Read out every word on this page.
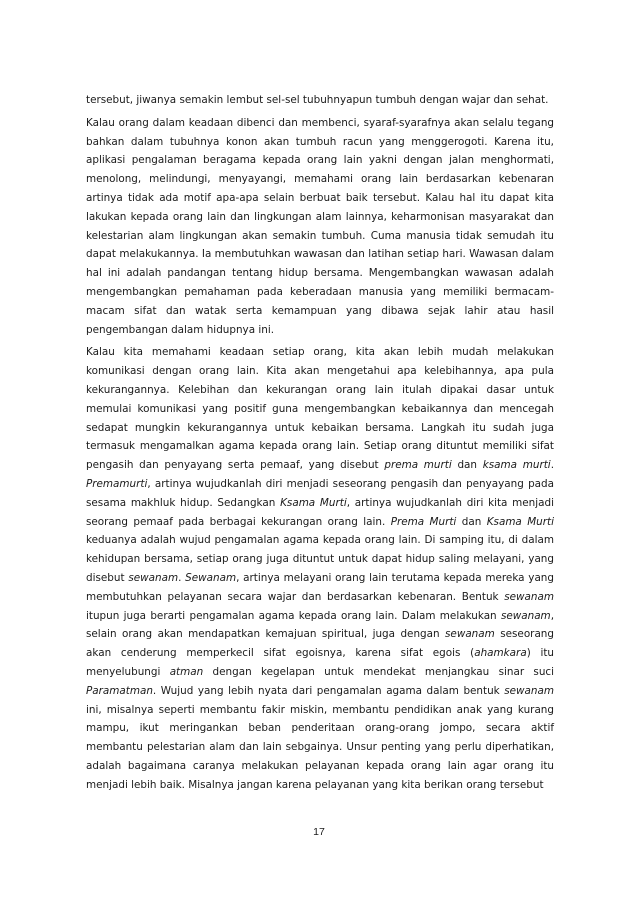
tersebut, jiwanya semakin lembut sel-sel tubuhnyapun tumbuh dengan wajar dan sehat.

Kalau orang dalam keadaan dibenci dan membenci, syaraf-syarafnya akan selalu tegang bahkan dalam tubuhnya konon akan tumbuh racun yang menggerogoti. Karena itu, aplikasi pengalaman beragama kepada orang lain yakni dengan jalan menghormati, menolong, melindungi, menyayangi, memahami orang lain berdasarkan kebenaran artinya tidak ada motif apa-apa selain berbuat baik tersebut. Kalau hal itu dapat kita lakukan kepada orang lain dan lingkungan alam lainnya, keharmonisan masyarakat dan kelestarian alam lingkungan akan semakin tumbuh. Cuma manusia tidak semudah itu dapat melakukannya. Ia membutuhkan wawasan dan latihan setiap hari. Wawasan dalam hal ini adalah pandangan tentang hidup bersama. Mengembangkan wawasan adalah mengembangkan pemahaman pada keberadaan manusia yang memiliki bermacam-macam sifat dan watak serta kemampuan yang dibawa sejak lahir atau hasil pengembangan dalam hidupnya ini.

Kalau kita memahami keadaan setiap orang, kita akan lebih mudah melakukan komunikasi dengan orang lain. Kita akan mengetahui apa kelebihannya, apa pula kekurangannya. Kelebihan dan kekurangan orang lain itulah dipakai dasar untuk memulai komunikasi yang positif guna mengembangkan kebaikannya dan mencegah sedapat mungkin kekurangannya untuk kebaikan bersama. Langkah itu sudah juga termasuk mengamalkan agama kepada orang lain. Setiap orang dituntut memiliki sifat pengasih dan penyayang serta pemaaf, yang disebut prema murti dan ksama murti. Premamurti, artinya wujudkanlah diri menjadi seseorang pengasih dan penyayang pada sesama makhluk hidup. Sedangkan Ksama Murti, artinya wujudkanlah diri kita menjadi seorang pemaaf pada berbagai kekurangan orang lain. Prema Murti dan Ksama Murti keduanya adalah wujud pengamalan agama kepada orang lain. Di samping itu, di dalam kehidupan bersama, setiap orang juga dituntut untuk dapat hidup saling melayani, yang disebut sewanam. Sewanam, artinya melayani orang lain terutama kepada mereka yang membutuhkan pelayanan secara wajar dan berdasarkan kebenaran. Bentuk sewanam itupun juga berarti pengamalan agama kepada orang lain. Dalam melakukan sewanam, selain orang akan mendapatkan kemajuan spiritual, juga dengan sewanam seseorang akan cenderung memperkecil sifat egoisnya, karena sifat egois (ahamkara) itu menyelubungi atman dengan kegelapan untuk mendekat menjangkau sinar suci Paramatman. Wujud yang lebih nyata dari pengamalan agama dalam bentuk sewanam ini, misalnya seperti membantu fakir miskin, membantu pendidikan anak yang kurang mampu, ikut meringankan beban penderitaan orang-orang jompo, secara aktif membantu pelestarian alam dan lain sebgainya. Unsur penting yang perlu diperhatikan, adalah bagaimana caranya melakukan pelayanan kepada orang lain agar orang itu menjadi lebih baik. Misalnya jangan karena pelayanan yang kita berikan orang tersebut

17
